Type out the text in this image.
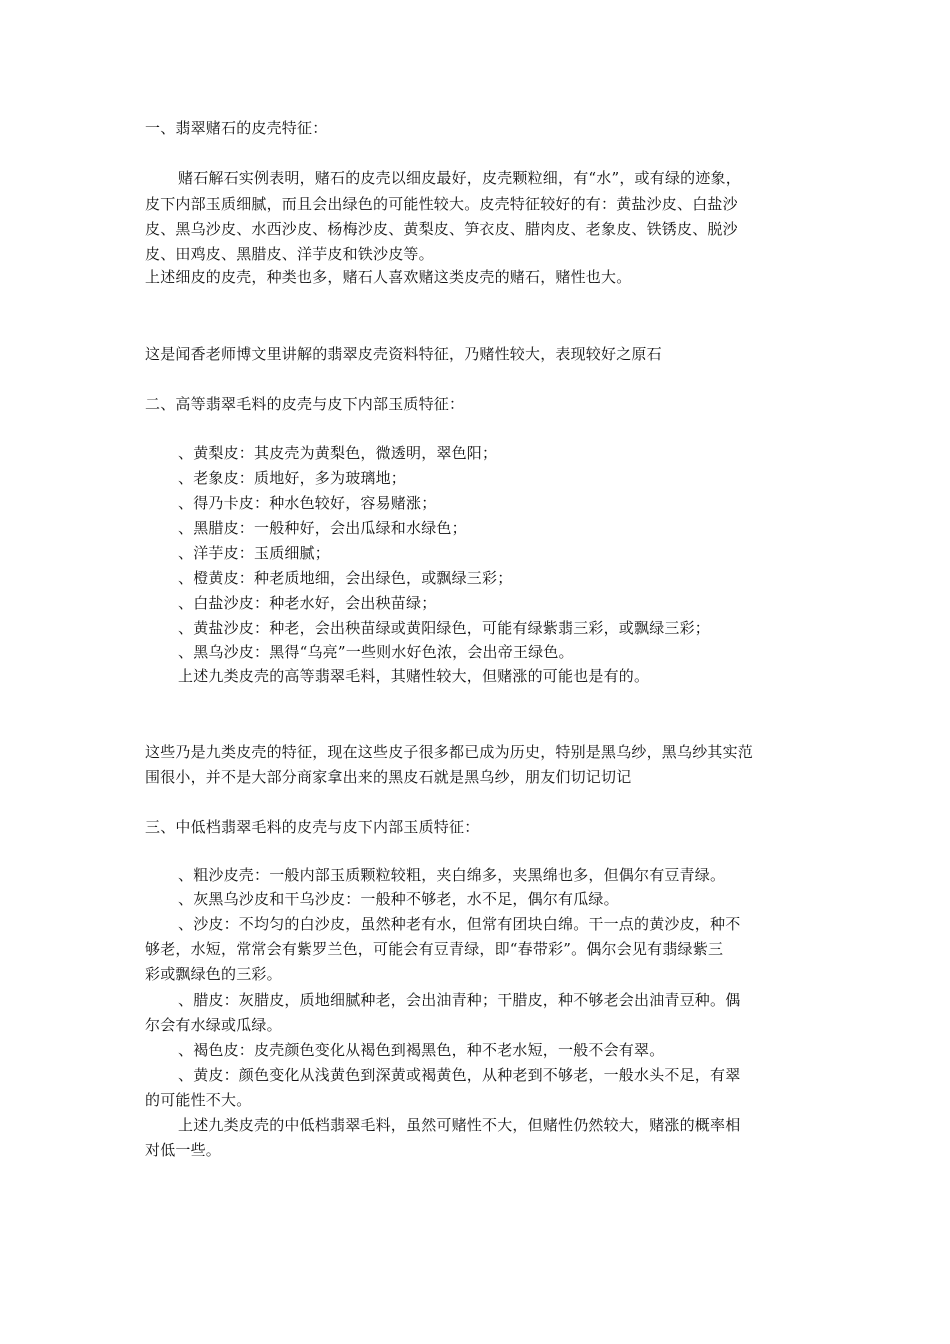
一、翡翠赌石的皮壳特征：
赌石解石实例表明，赌石的皮壳以细皮最好，皮壳颗粒细，有“水”，或有绿的迹象，
皮下内部玉质细腻，而且会出绿色的可能性较大。皮壳特征较好的有：黄盐沙皮、白盐沙
皮、黑乌沙皮、水西沙皮、杨梅沙皮、黄梨皮、笋衣皮、腊肉皮、老象皮、铁锈皮、脱沙
皮、田鸡皮、黑腊皮、洋芋皮和铁沙皮等。
上述细皮的皮壳，种类也多，赌石人喜欢赌这类皮壳的赌石，赌性也大。
这是闻香老师博文里讲解的翡翠皮壳资料特征，乃赌性较大，表现较好之原石
二、高等翡翠毛料的皮壳与皮下内部玉质特征：
、黄梨皮：其皮壳为黄梨色，微透明，翠色阳；
、老象皮：质地好，多为玻璃地；
、得乃卡皮：种水色较好，容易赌涨；
、黑腊皮：一般种好，会出瓜绿和水绿色；
、洋芋皮：玉质细腻；
、橙黄皮：种老质地细，会出绿色，或飘绿三彩；
、白盐沙皮：种老水好，会出秧苗绿；
、黄盐沙皮：种老，会出秧苗绿或黄阳绿色，可能有绿紫翡三彩，或飘绿三彩；
、黑乌沙皮：黑得“乌亮”一些则水好色浓，会出帝王绿色。
上述九类皮壳的高等翡翠毛料，其赌性较大，但赌涨的可能也是有的。
这些乃是九类皮壳的特征，现在这些皮子很多都已成为历史，特别是黑乌纱，黑乌纱其实范
围很小，并不是大部分商家拿出来的黑皮石就是黑乌纱，朋友们切记切记
三、中低档翡翠毛料的皮壳与皮下内部玉质特征：
、粗沙皮壳：一般内部玉质颗粒较粗，夹白绵多，夹黑绵也多，但偶尔有豆青绿。
、灰黑乌沙皮和干乌沙皮：一般种不够老，水不足，偶尔有瓜绿。
、沙皮：不均匀的白沙皮，虽然种老有水，但常有团块白绵。干一点的黄沙皮，种不
够老，水短，常常会有紫罗兰色，可能会有豆青绿，即“春带彩”。偶尔会见有翡绿紫三
彩或飘绿色的三彩。
、腊皮：灰腊皮，质地细腻种老，会出油青种；干腊皮，种不够老会出油青豆种。偶
尔会有水绿或瓜绿。
、褐色皮：皮壳颜色变化从褐色到褐黑色，种不老水短，一般不会有翠。
、黄皮：颜色变化从浅黄色到深黄或褐黄色，从种老到不够老，一般水头不足，有翠
的可能性不大。
上述九类皮壳的中低档翡翠毛料，虽然可赌性不大，但赌性仍然较大，赌涨的概率相
对低一些。
